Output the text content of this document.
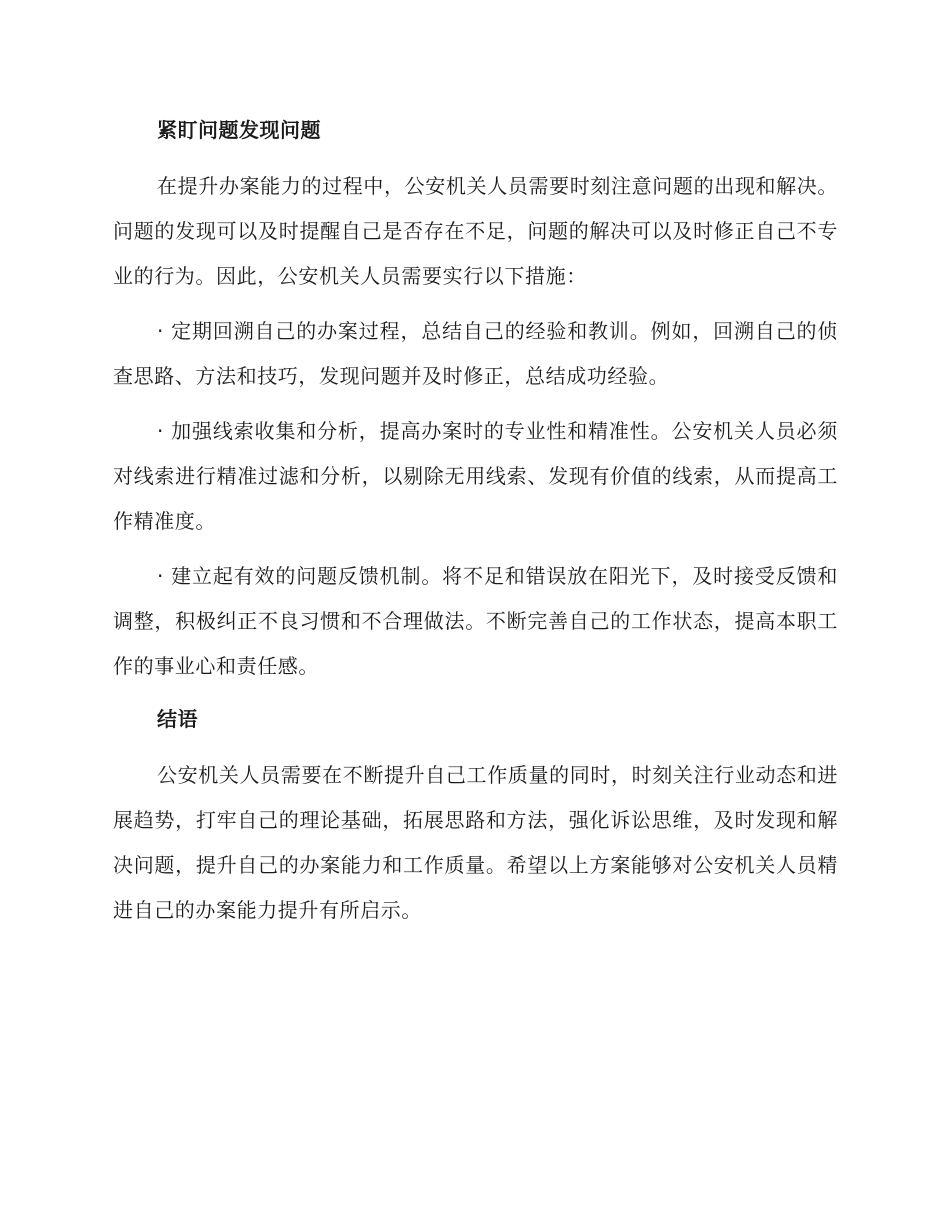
紧盯问题发现问题

在提升办案能力的过程中，公安机关人员需要时刻注意问题的出现和解决。问题的发现可以及时提醒自己是否存在不足，问题的解决可以及时修正自己不专业的行为。因此，公安机关人员需要实行以下措施：

· 定期回溯自己的办案过程，总结自己的经验和教训。例如，回溯自己的侦查思路、方法和技巧，发现问题并及时修正，总结成功经验。

· 加强线索收集和分析，提高办案时的专业性和精准性。公安机关人员必须对线索进行精准过滤和分析，以剔除无用线索、发现有价值的线索，从而提高工作精准度。

· 建立起有效的问题反馈机制。将不足和错误放在阳光下，及时接受反馈和调整，积极纠正不良习惯和不合理做法。不断完善自己的工作状态，提高本职工作的事业心和责任感。

结语

公安机关人员需要在不断提升自己工作质量的同时，时刻关注行业动态和进展趋势，打牢自己的理论基础，拓展思路和方法，强化诉讼思维，及时发现和解决问题，提升自己的办案能力和工作质量。希望以上方案能够对公安机关人员精进自己的办案能力提升有所启示。
